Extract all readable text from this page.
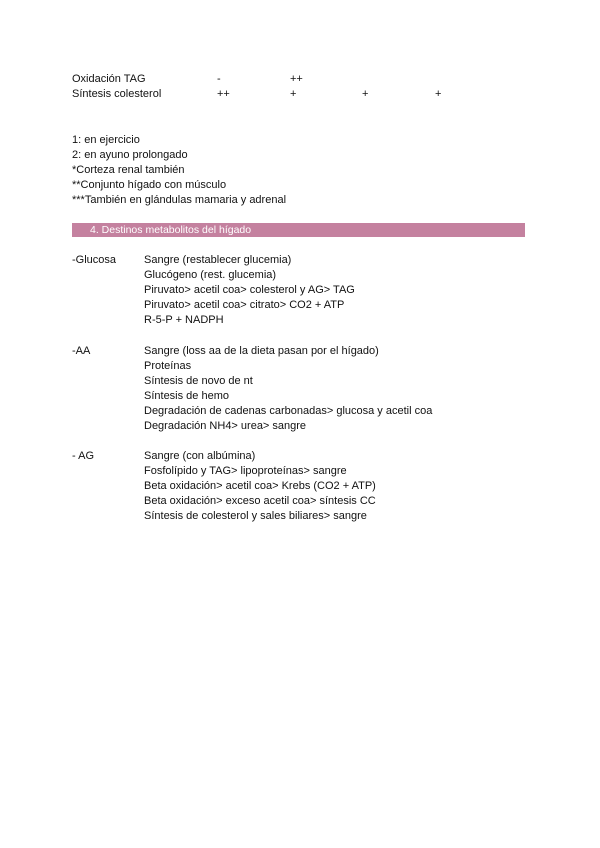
Oxidación TAG	-	++
Síntesis colesterol	++	+	+	+
1: en ejercicio
2: en ayuno prolongado
*Corteza renal también
**Conjunto hígado con músculo
***También en glándulas mamaria y adrenal
4. Destinos metabolitos del hígado
-Glucosa	Sangre (restablecer glucemia)
Glucógeno (rest. glucemia)
Piruvato> acetil coa> colesterol y AG> TAG
Piruvato> acetil coa> citrato> CO2 + ATP
R-5-P + NADPH
-AA	Sangre (loss aa de la dieta pasan por el hígado)
Proteínas
Síntesis de novo de nt
Síntesis de hemo
Degradación de cadenas carbonadas> glucosa y acetil coa
Degradación NH4> urea> sangre
- AG	Sangre (con albúmina)
Fosfolípido y TAG> lipoproteínas> sangre
Beta oxidación> acetil coa> Krebs (CO2 + ATP)
Beta oxidación> exceso acetil coa> síntesis CC
Síntesis de colesterol y sales biliares> sangre
